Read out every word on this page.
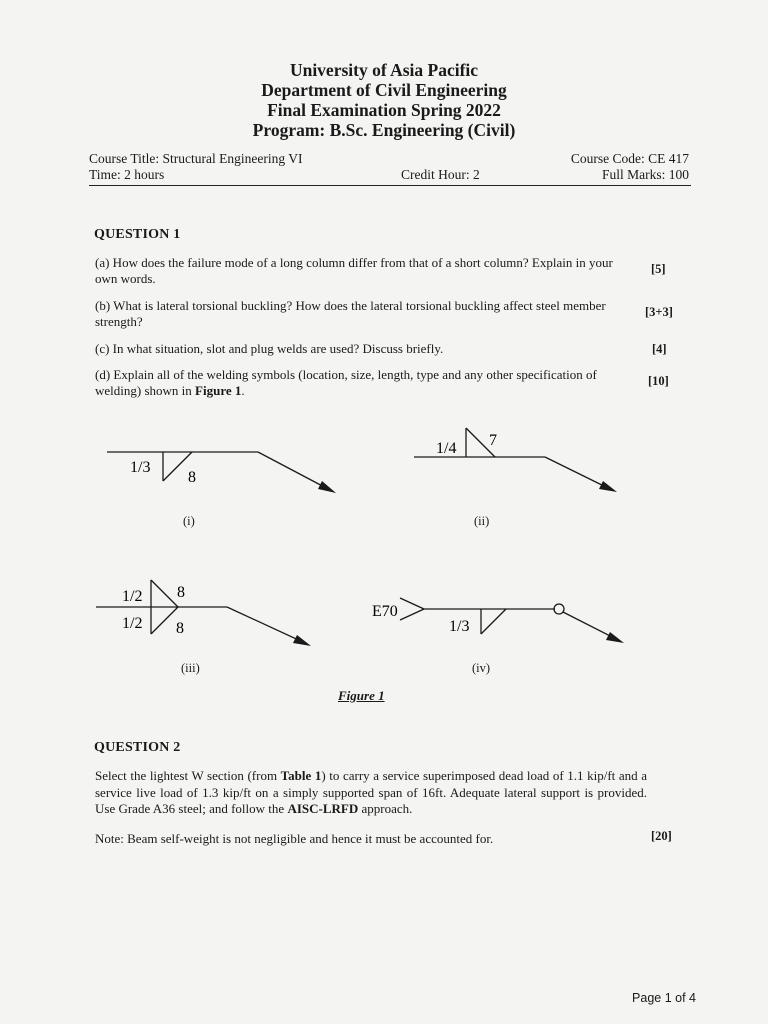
University of Asia Pacific
Department of Civil Engineering
Final Examination Spring 2022
Program: B.Sc. Engineering (Civil)
Course Title: Structural Engineering VI	Course Code: CE 417
Time: 2 hours	Credit Hour: 2	Full Marks: 100
QUESTION 1
(a) How does the failure mode of a long column differ from that of a short column? Explain in your own words.
[5]
(b) What is lateral torsional buckling? How does the lateral torsional buckling affect steel member strength?
[3+3]
(c) In what situation, slot and plug welds are used? Discuss briefly.	[4]
(d) Explain all of the welding symbols (location, size, length, type and any other specification of welding) shown in Figure 1.
[10]
1/3
8
1/4 7
1/2 8
1/2 8
E70
1/3
(i)	(ii)
(iii)	(iv)
Figure 1
QUESTION 2
Select the lightest W section (from Table 1) to carry a service superimposed dead load of 1.1 kip/ft and a service live load of 1.3 kip/ft on a simply supported span of 16ft. Adequate lateral support is provided. Use Grade A36 steel; and follow the AISC-LRFD approach.
Note: Beam self-weight is not negligible and hence it must be accounted for.	[20]
Page 1 of 4
